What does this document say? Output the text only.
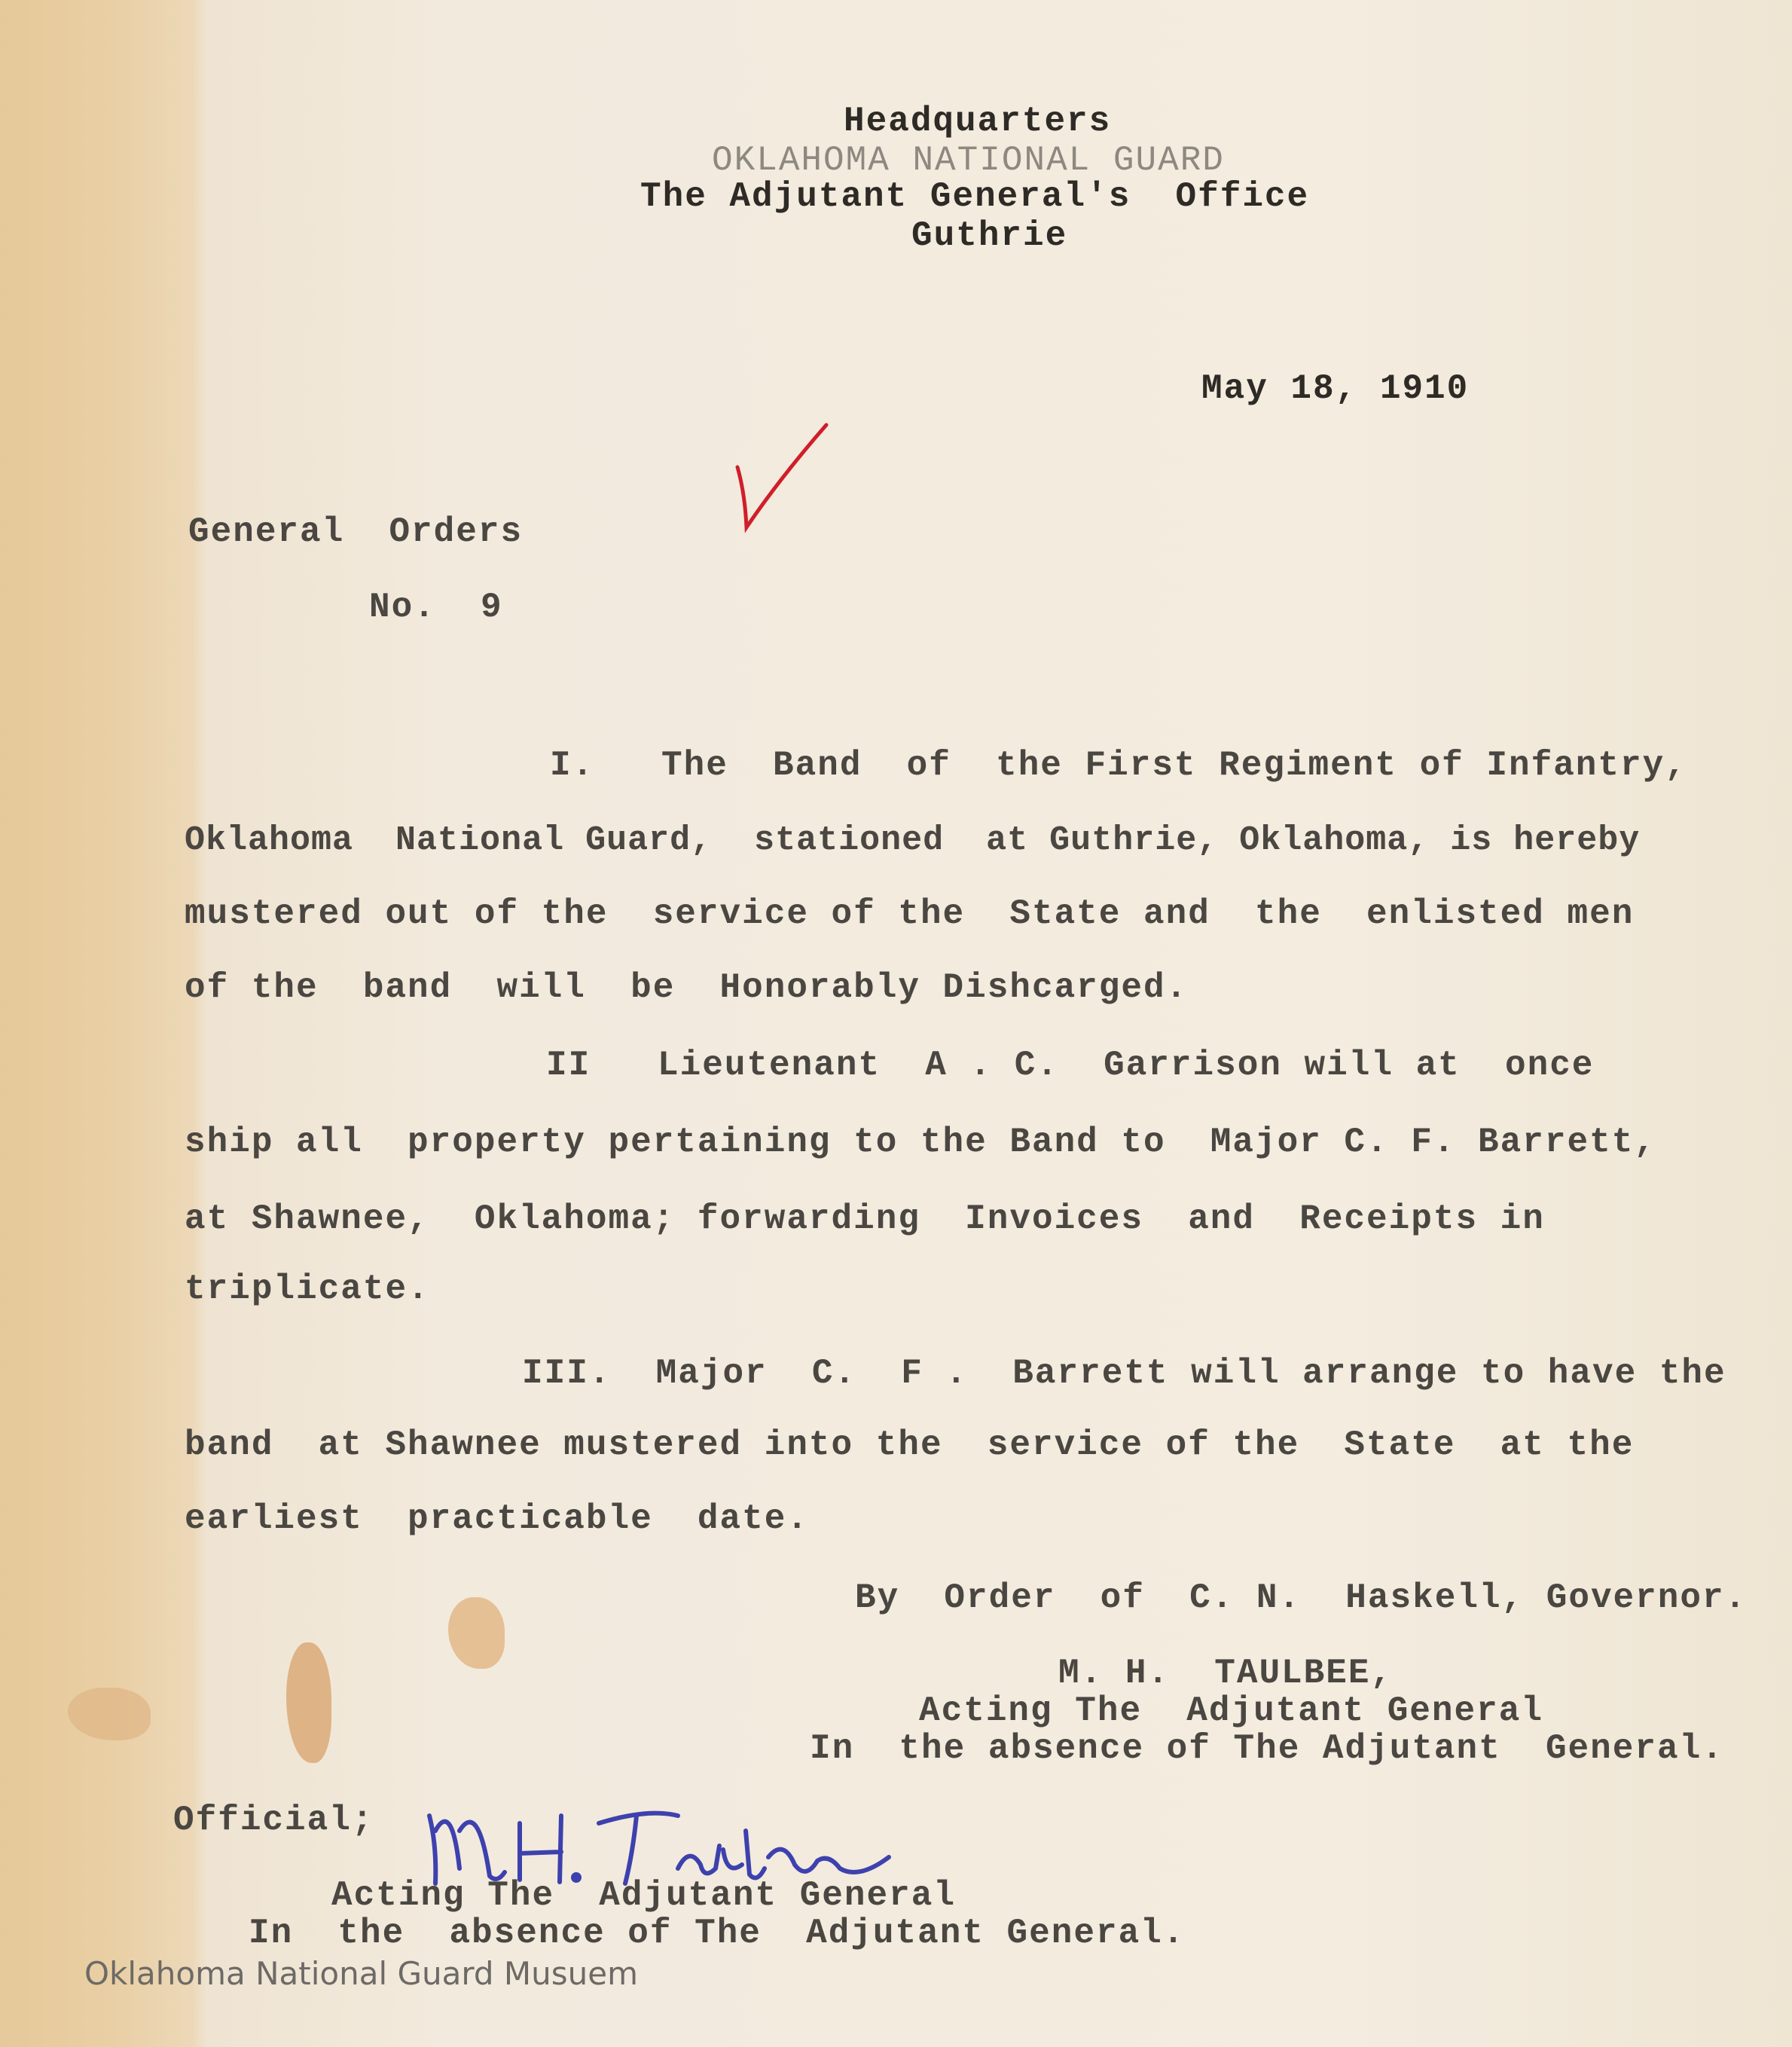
Headquarters
OKLAHOMA NATIONAL GUARD
The Adjutant General's  Office
Guthrie
May 18, 1910
General  Orders
No.  9
I.   The  Band  of  the First Regiment of Infantry,
Oklahoma  National Guard,  stationed  at Guthrie, Oklahoma, is hereby
mustered out of the  service of the  State and  the  enlisted men
of the  band  will  be  Honorably Dishcarged.
II   Lieutenant  A . C.  Garrison will at  once
ship all  property pertaining to the Band to  Major C. F. Barrett,
at Shawnee,  Oklahoma; forwarding  Invoices  and  Receipts in
triplicate.
III.  Major  C.  F .  Barrett will arrange to have the
band  at Shawnee mustered into the  service of the  State  at the
earliest  practicable  date.
By  Order  of  C. N.  Haskell, Governor.
M. H.  TAULBEE,
Acting The  Adjutant General
In  the absence of The Adjutant  General.
Official;
Acting The  Adjutant General
In  the  absence of The  Adjutant General.
Oklahoma National Guard Musuem
